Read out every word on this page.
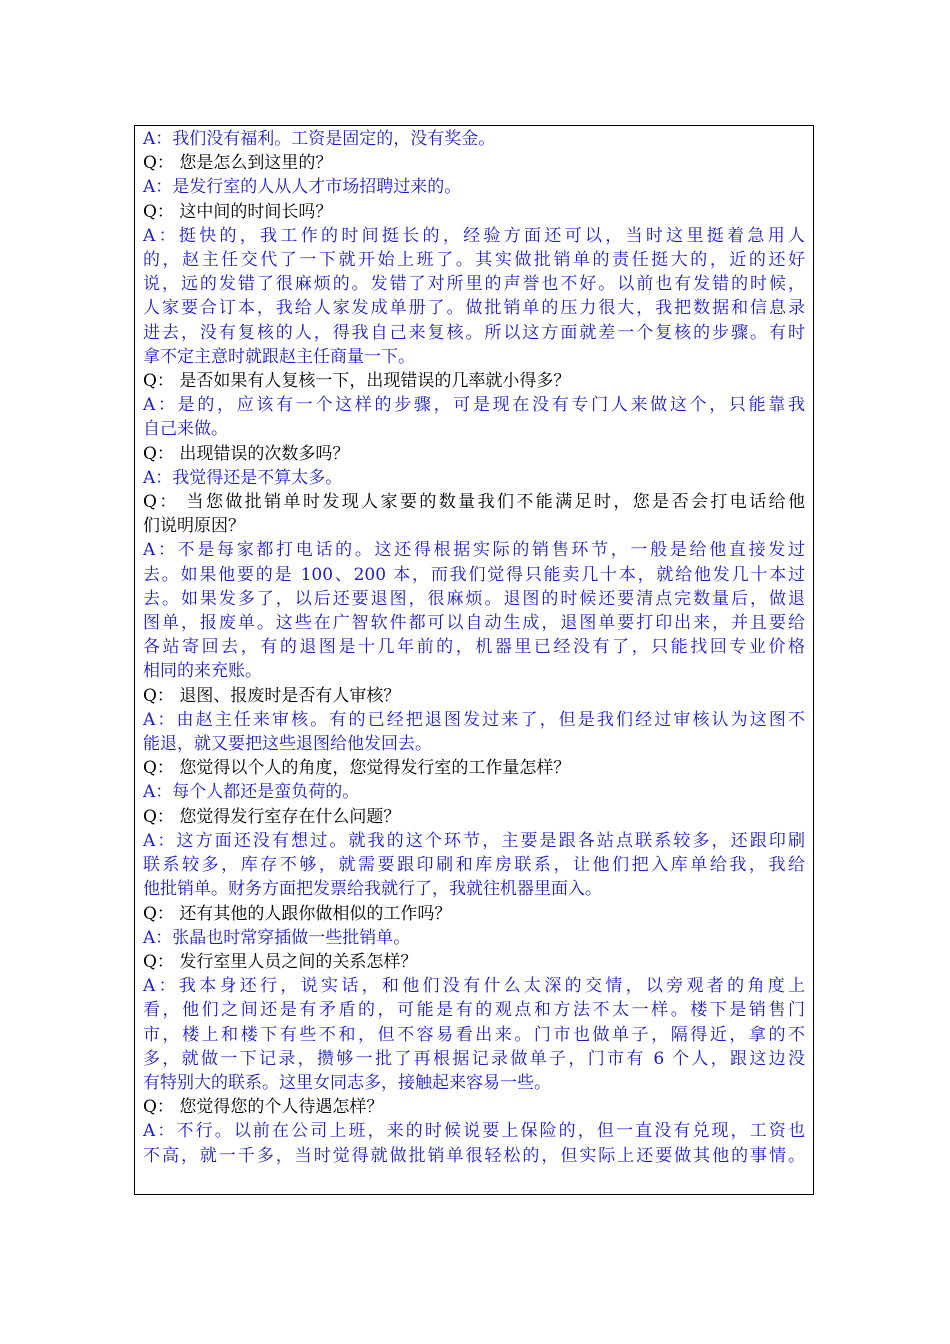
A：我们没有福利。工资是固定的，没有奖金。
Q： 您是怎么到这里的？
A：是发行室的人从人才市场招聘过来的。
Q： 这中间的时间长吗？
A：挺快的，我工作的时间挺长的，经验方面还可以，当时这里挺着急用人
的，赵主任交代了一下就开始上班了。其实做批销单的责任挺大的，近的还好
说，远的发错了很麻烦的。发错了对所里的声誉也不好。以前也有发错的时候，
人家要合订本，我给人家发成单册了。做批销单的压力很大，我把数据和信息录
进去，没有复核的人，得我自己来复核。所以这方面就差一个复核的步骤。有时
拿不定主意时就跟赵主任商量一下。
Q： 是否如果有人复核一下，出现错误的几率就小得多？
A：是的，应该有一个这样的步骤，可是现在没有专门人来做这个，只能靠我
自己来做。
Q： 出现错误的次数多吗？
A：我觉得还是不算太多。
Q： 当您做批销单时发现人家要的数量我们不能满足时，您是否会打电话给他
们说明原因？
A：不是每家都打电话的。这还得根据实际的销售环节，一般是给他直接发过
去。如果他要的是 100、200 本，而我们觉得只能卖几十本，就给他发几十本过
去。如果发多了，以后还要退图，很麻烦。退图的时候还要清点完数量后，做退
图单，报废单。这些在广智软件都可以自动生成，退图单要打印出来，并且要给
各站寄回去，有的退图是十几年前的，机器里已经没有了，只能找回专业价格
相同的来充账。
Q： 退图、报废时是否有人审核？
A：由赵主任来审核。有的已经把退图发过来了，但是我们经过审核认为这图不
能退，就又要把这些退图给他发回去。
Q： 您觉得以个人的角度，您觉得发行室的工作量怎样？
A：每个人都还是蛮负荷的。
Q： 您觉得发行室存在什么问题？
A：这方面还没有想过。就我的这个环节，主要是跟各站点联系较多，还跟印刷
联系较多，库存不够，就需要跟印刷和库房联系，让他们把入库单给我，我给
他批销单。财务方面把发票给我就行了，我就往机器里面入。
Q： 还有其他的人跟你做相似的工作吗？
A：张晶也时常穿插做一些批销单。
Q： 发行室里人员之间的关系怎样？
A：我本身还行，说实话，和他们没有什么太深的交情，以旁观者的角度上
看，他们之间还是有矛盾的，可能是有的观点和方法不太一样。楼下是销售门
市，楼上和楼下有些不和，但不容易看出来。门市也做单子，隔得近，拿的不
多，就做一下记录，攒够一批了再根据记录做单子，门市有 6 个人，跟这边没
有特别大的联系。这里女同志多，接触起来容易一些。
Q： 您觉得您的个人待遇怎样？
A：不行。以前在公司上班，来的时候说要上保险的，但一直没有兑现，工资也
不高，就一千多，当时觉得就做批销单很轻松的，但实际上还要做其他的事情。
